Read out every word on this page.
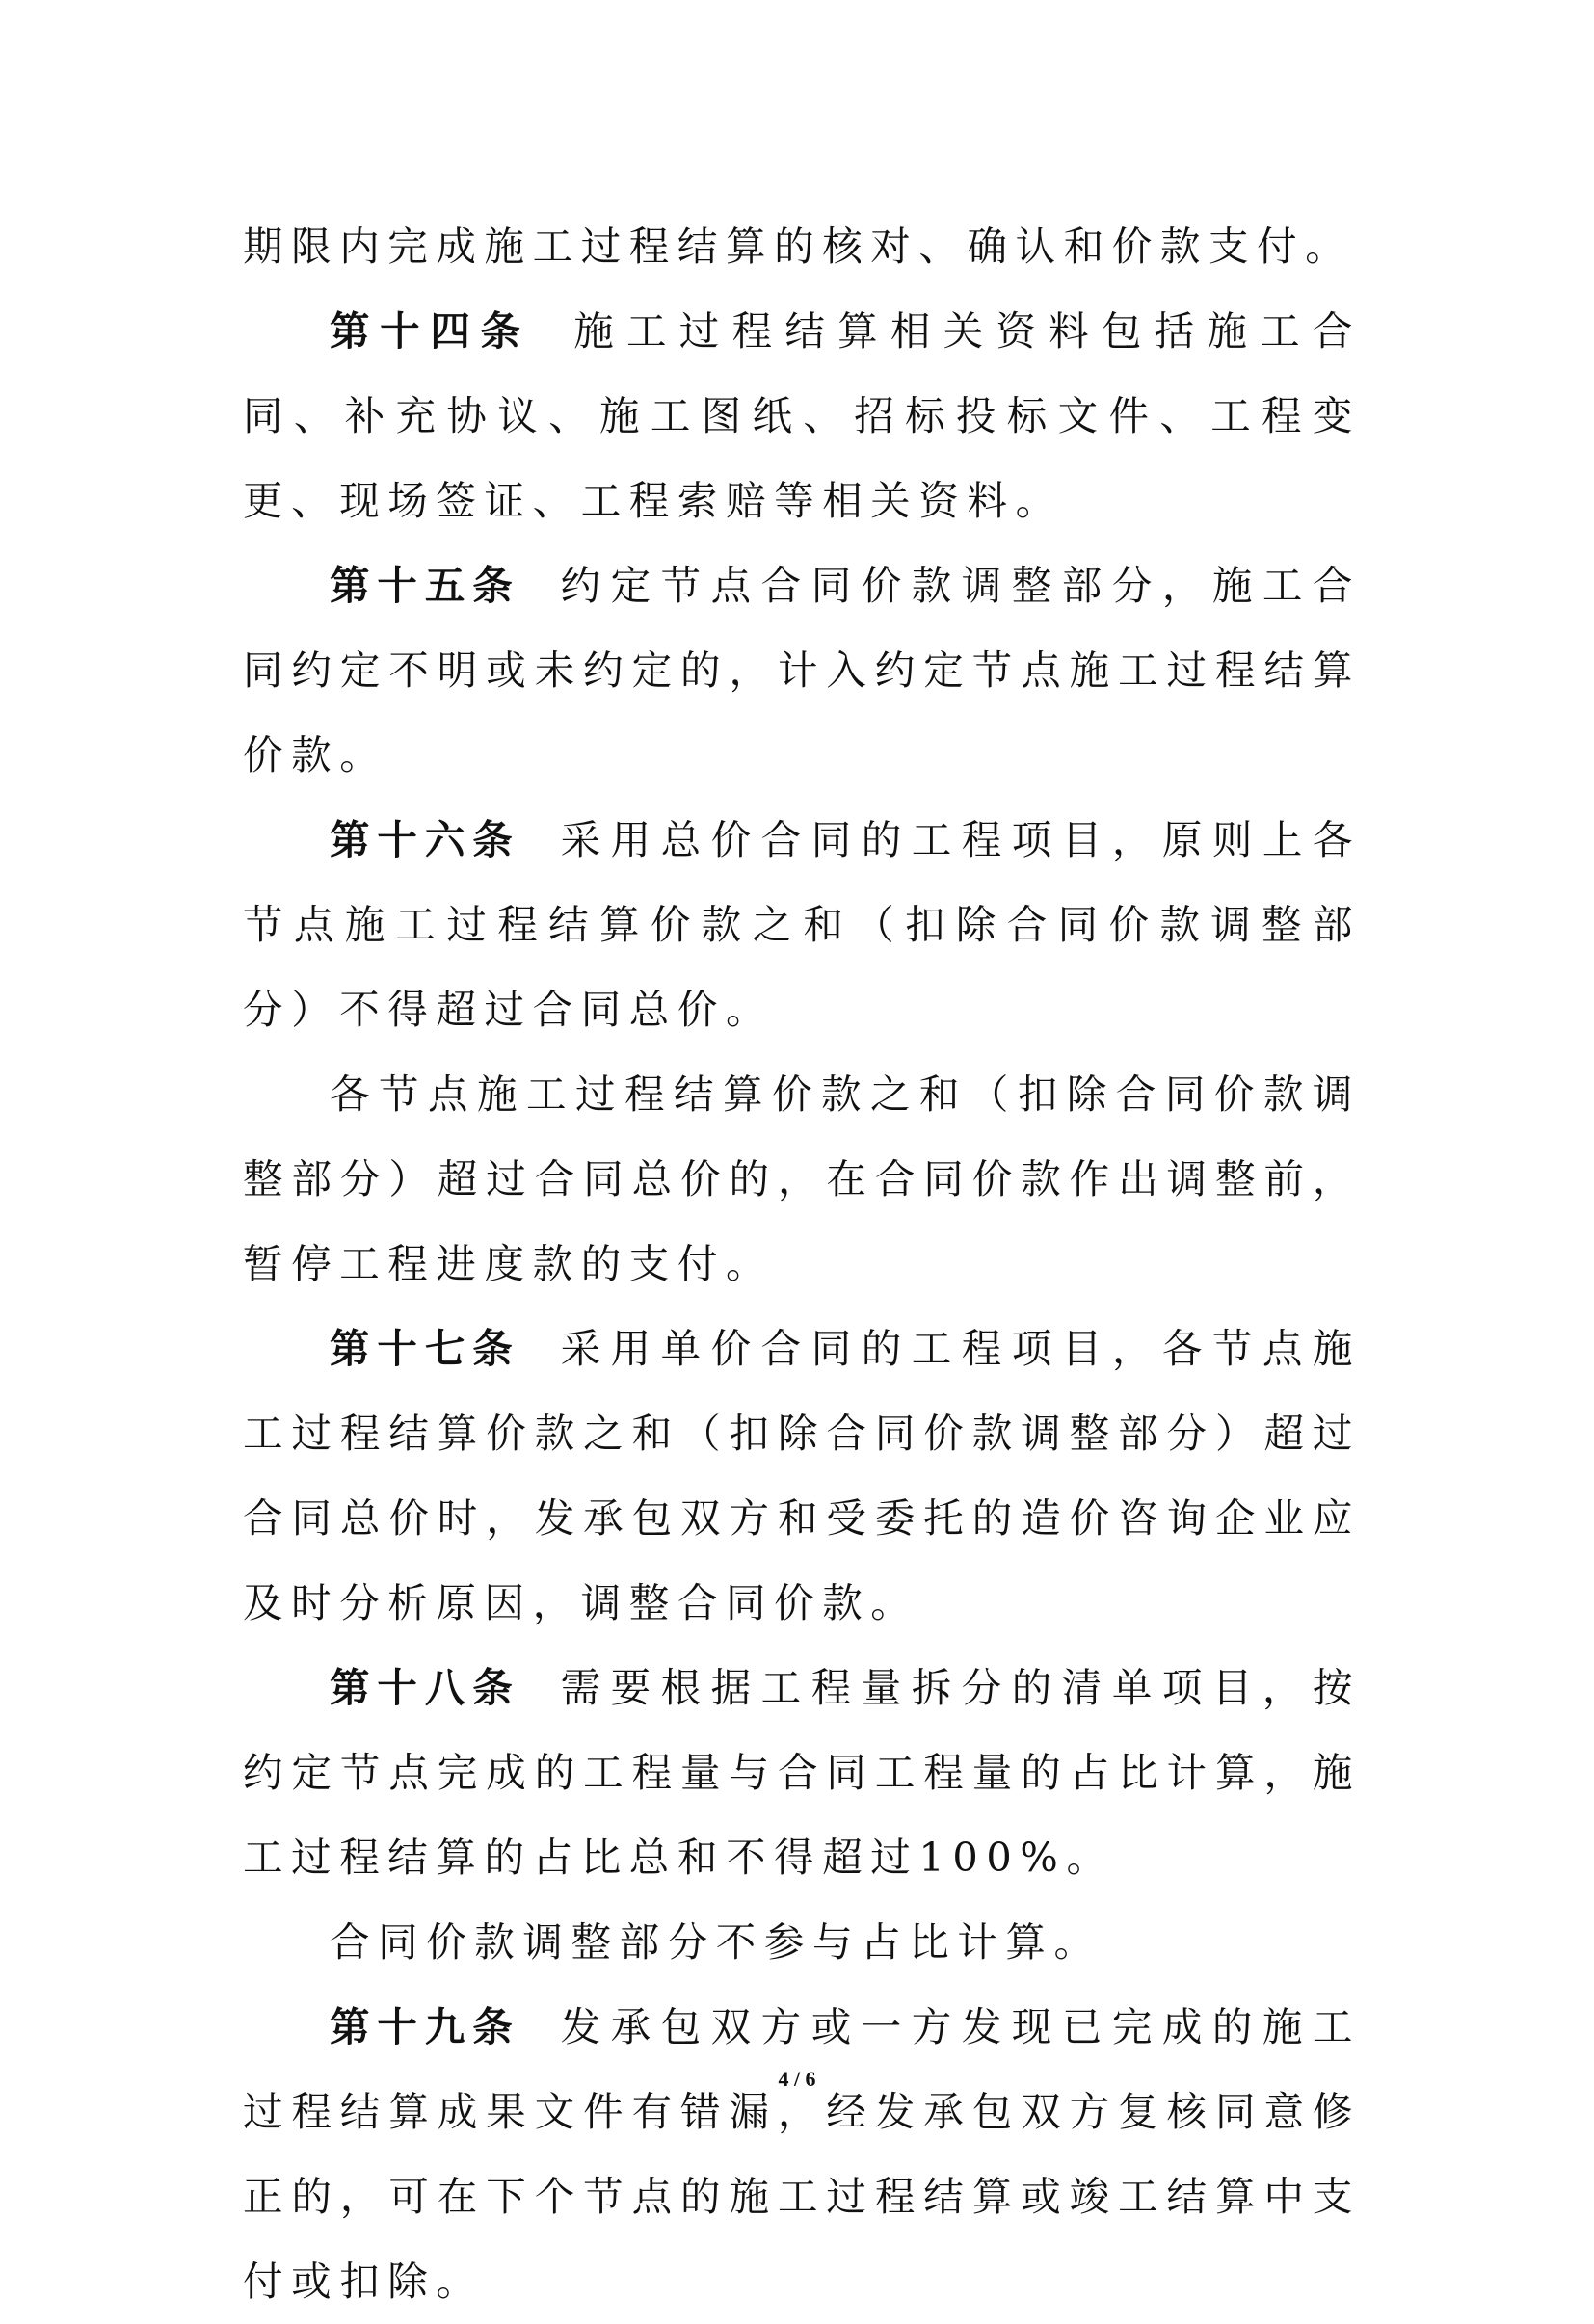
期限内完成施工过程结算的核对、确认和价款支付。

第十四条 施工过程结算相关资料包括施工合同、补充协议、施工图纸、招标投标文件、工程变更、现场签证、工程索赔等相关资料。

第十五条 约定节点合同价款调整部分，施工合同约定不明或未约定的，计入约定节点施工过程结算价款。

第十六条 采用总价合同的工程项目，原则上各节点施工过程结算价款之和（扣除合同价款调整部分）不得超过合同总价。

各节点施工过程结算价款之和（扣除合同价款调整部分）超过合同总价的，在合同价款作出调整前，暂停工程进度款的支付。

第十七条 采用单价合同的工程项目，各节点施工过程结算价款之和（扣除合同价款调整部分）超过合同总价时，发承包双方和受委托的造价咨询企业应及时分析原因，调整合同价款。

第十八条 需要根据工程量拆分的清单项目，按约定节点完成的工程量与合同工程量的占比计算，施工过程结算的占比总和不得超过100%。

合同价款调整部分不参与占比计算。

第十九条 发承包双方或一方发现已完成的施工过程结算成果文件有错漏，经发承包双方复核同意修正的，可在下个节点的施工过程结算或竣工结算中支付或扣除。

4 / 6
